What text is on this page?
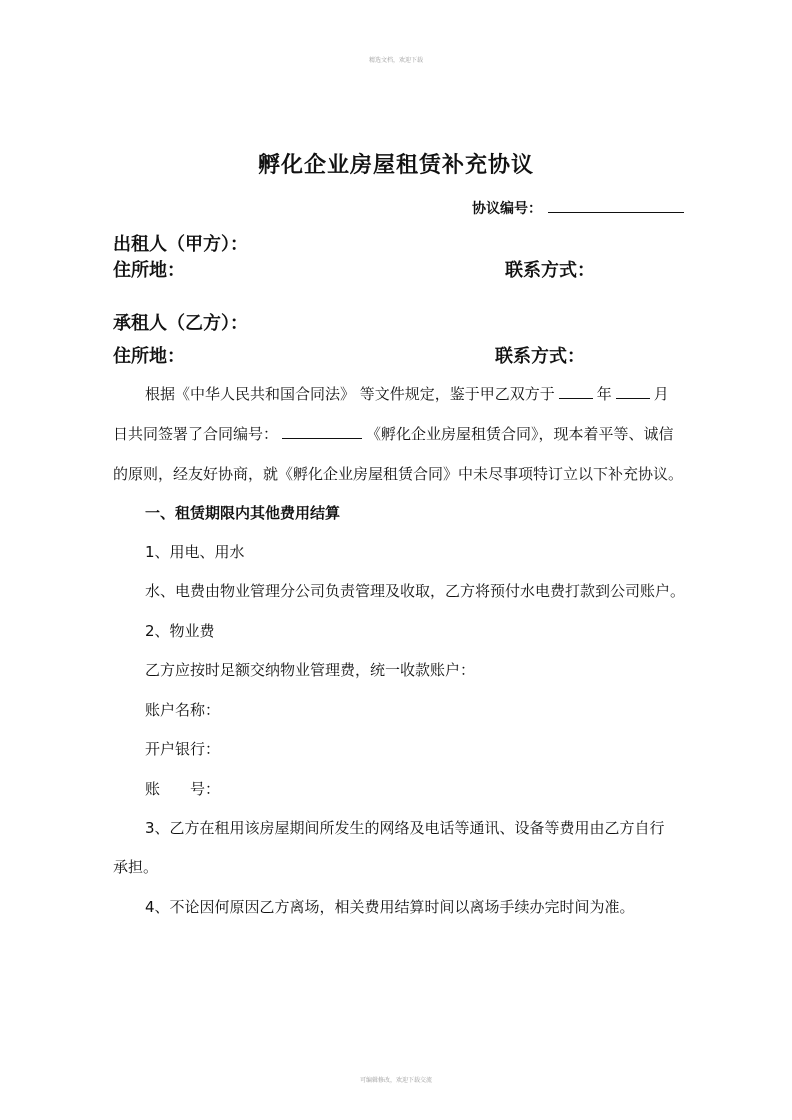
精选文档，欢迎下载
孵化企业房屋租赁补充协议
协议编号：
出租人（甲方）：
住所地：	联系方式：
承租人（乙方）：
住所地：	联系方式：
根据《中华人民共和国合同法》 等文件规定，鉴于甲乙双方于	年	月
日共同签署了合同编号：	《孵化企业房屋租赁合同》，现本着平等、诚信
的原则，经友好协商，就《孵化企业房屋租赁合同》中未尽事项特订立以下补充协议。
一、租赁期限内其他费用结算
1、用电、用水
水、电费由物业管理分公司负责管理及收取，乙方将预付水电费打款到公司账户。
2、物业费
乙方应按时足额交纳物业管理费，统一收款账户：
账户名称：
开户银行：
账 号：
3、乙方在租用该房屋期间所发生的网络及电话等通讯、设备等费用由乙方自行
承担。
4、不论因何原因乙方离场，相关费用结算时间以离场手续办完时间为准。
可编辑修改，欢迎下载交流
